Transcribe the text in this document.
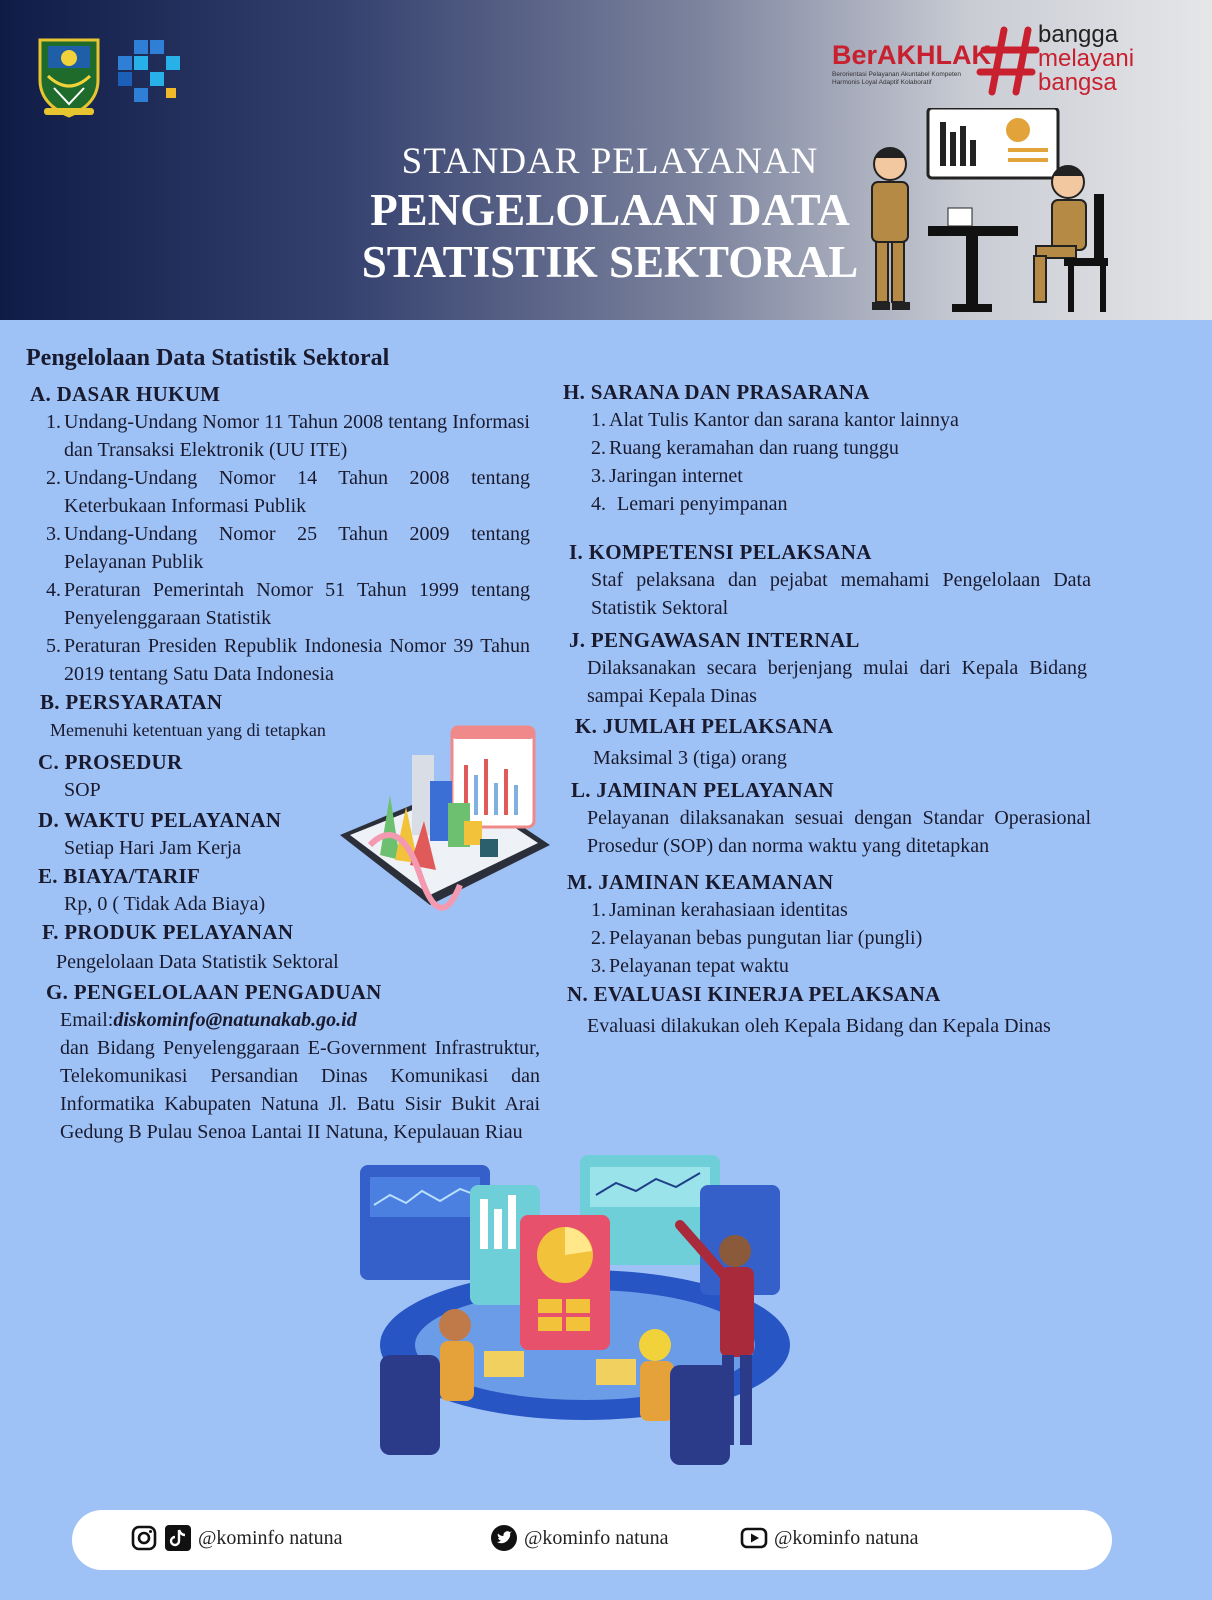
STANDAR PELAYANAN
PENGELOLAAN DATA
STATISTIK SEKTORAL
BerAKHLAK
Berorientasi Pelayanan Akuntabel Kompeten
Harmonis Loyal Adaptif Kolaboratif
bangga
melayani
bangsa
Pengelolaan Data Statistik Sektoral
A. DASAR HUKUM
1. Undang-Undang Nomor 11 Tahun 2008 tentang Informasi dan Transaksi Elektronik (UU ITE)
2. Undang-Undang Nomor 14 Tahun 2008 tentang Keterbukaan Informasi Publik
3. Undang-Undang Nomor 25 Tahun 2009 tentang Pelayanan Publik
4. Peraturan Pemerintah Nomor 51 Tahun 1999 tentang Penyelenggaraan Statistik
5. Peraturan Presiden Republik Indonesia Nomor 39 Tahun 2019 tentang Satu Data Indonesia
B. PERSYARATAN
Memenuhi ketentuan yang di tetapkan
C. PROSEDUR
SOP
D. WAKTU PELAYANAN
Setiap Hari Jam Kerja
E. BIAYA/TARIF
Rp, 0 ( Tidak Ada Biaya)
F. PRODUK PELAYANAN
Pengelolaan Data Statistik Sektoral
G. PENGELOLAAN PENGADUAN
Email:diskominfo@natunakab.go.id
dan Bidang Penyelenggaraan E-Government Infrastruktur, Telekomunikasi Persandian Dinas Komunikasi dan Informatika Kabupaten Natuna Jl. Batu Sisir Bukit Arai Gedung B Pulau Senoa Lantai II Natuna, Kepulauan Riau
H. SARANA DAN PRASARANA
1. Alat Tulis Kantor dan sarana kantor lainnya
2. Ruang keramahan dan ruang tunggu
3. Jaringan internet
4. Lemari penyimpanan
I. KOMPETENSI PELAKSANA
Staf pelaksana dan pejabat memahami Pengelolaan Data Statistik Sektoral
J. PENGAWASAN INTERNAL
Dilaksanakan secara berjenjang mulai dari Kepala Bidang sampai Kepala Dinas
K. JUMLAH PELAKSANA
Maksimal 3 (tiga) orang
L. JAMINAN PELAYANAN
Pelayanan dilaksanakan sesuai dengan Standar Operasional Prosedur (SOP) dan norma waktu yang ditetapkan
M. JAMINAN KEAMANAN
1. Jaminan kerahasiaan identitas
2. Pelayanan bebas pungutan liar (pungli)
3. Pelayanan tepat waktu
N. EVALUASI KINERJA PELAKSANA
Evaluasi dilakukan oleh Kepala Bidang dan Kepala Dinas
@kominfo natuna	@kominfo natuna	@kominfo natuna
